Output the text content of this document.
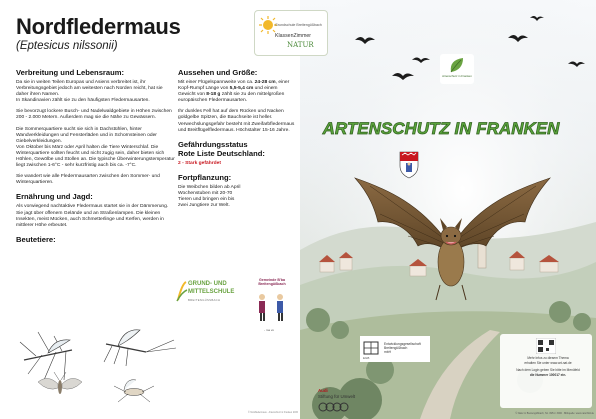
Nordfledermaus
(Eptesicus nilssonii)
Verbreitung und Lebensraum:
Da sie in weiten Teilen Europas und Asiens verbreitet ist, ihr Verbreitungsgebiet jedoch am weitesten nach Norden reicht, hat sie daher ihren Namen.
In Skandinavien zählt sie zu den häufigsten Fledermausarten.
Sie bevorzugt lockere Busch- und Nadelwaldgebiete in Höhen zwischen 200 - 2.000 Metern. Außerdem mag sie die Nähe zu Gewässern.
Die Sommerquartiere sucht sie sich in Dachstühlen, hinter Wandverkleidungen und Fensterläden und in Schornsteinen oder Giebelverkleidungen.
Von Oktober bis März oder April halten die Tiere Winterschlaf. Die Winterquartiere sollten feucht und nicht zugig sein, daher bieten sich Höhlen, Gewölbe und Stollen an. Die typische Überwinterungstemperatur liegt zwischen 1-6°C - sehr kurzfristig auch bis ca. -7°C.
Sie wandert wie alle Fledermausarten zwischen den Sommer- und Winterquartieren.
Ernährung und Jagd:
Als vorwiegend nachtaktive Fledermaus startet sie in der Dämmerung. Sie jagt über offenem Gelände und an Straßenlampen. Die kleinen Insekten, meist Mücken, auch Schmetterlinge und Kerfen, werden in mittlerer Höhe erbeutet.
Beutetiere:
Aussehen und Größe:
Mit einer Flügelspannweite von ca. 24-28 cm, einer Kopf-Rumpf Länge von 5,5-5,4 cm und einem Gewicht von 8-18 g zählt sie zu den mittelgroßen europäischen Fledermausarten.
Ihr dunkles Fell hat auf dem Rücken und Nacken goldgelbe Spitzen, die Bauchseite ist heller. Verwechslungsgefahr besteht mit Zweifarbfledermaus und Breitflügelfledermaus. Höchstalter 15-16 Jahre.
Gefährdungsstatus
Rote Liste Deutschland:
2 - Stark gefährdet
Fortpflanzung:
Die Weibchen bilden ab April Wochenstuben mit 20-70 Tieren und bringen ein bis zwei Jungtiere zur Welt.
Grundschule Breitengüßbach
KlassenZimmer
NATUR
Artenschutz in Franken
ARTENSCHUTZ IN FRANKEN
GRUND- UND
MITTELSCHULE
BREITENGÜSSBACH
Gemeinde B'ba
Breitengüßbach
- ma vo
EGB
Entwicklungsgesellschaft
Breitengüßbach
mbH
Audi
Stiftung für Umwelt
Mehr Infos zu diesem Thema
erhalten Sie unter www.art-nat.de
Nach dem Login geben Sie bitte im Menüfeld
die Nummer 100017 ein.
© Nordfledermaus · Artenschutz in Franken 2015	© Natur in Breitengüßbach, Tel. 0951 / 3000 · Bildquelle: www.naturbild.de
